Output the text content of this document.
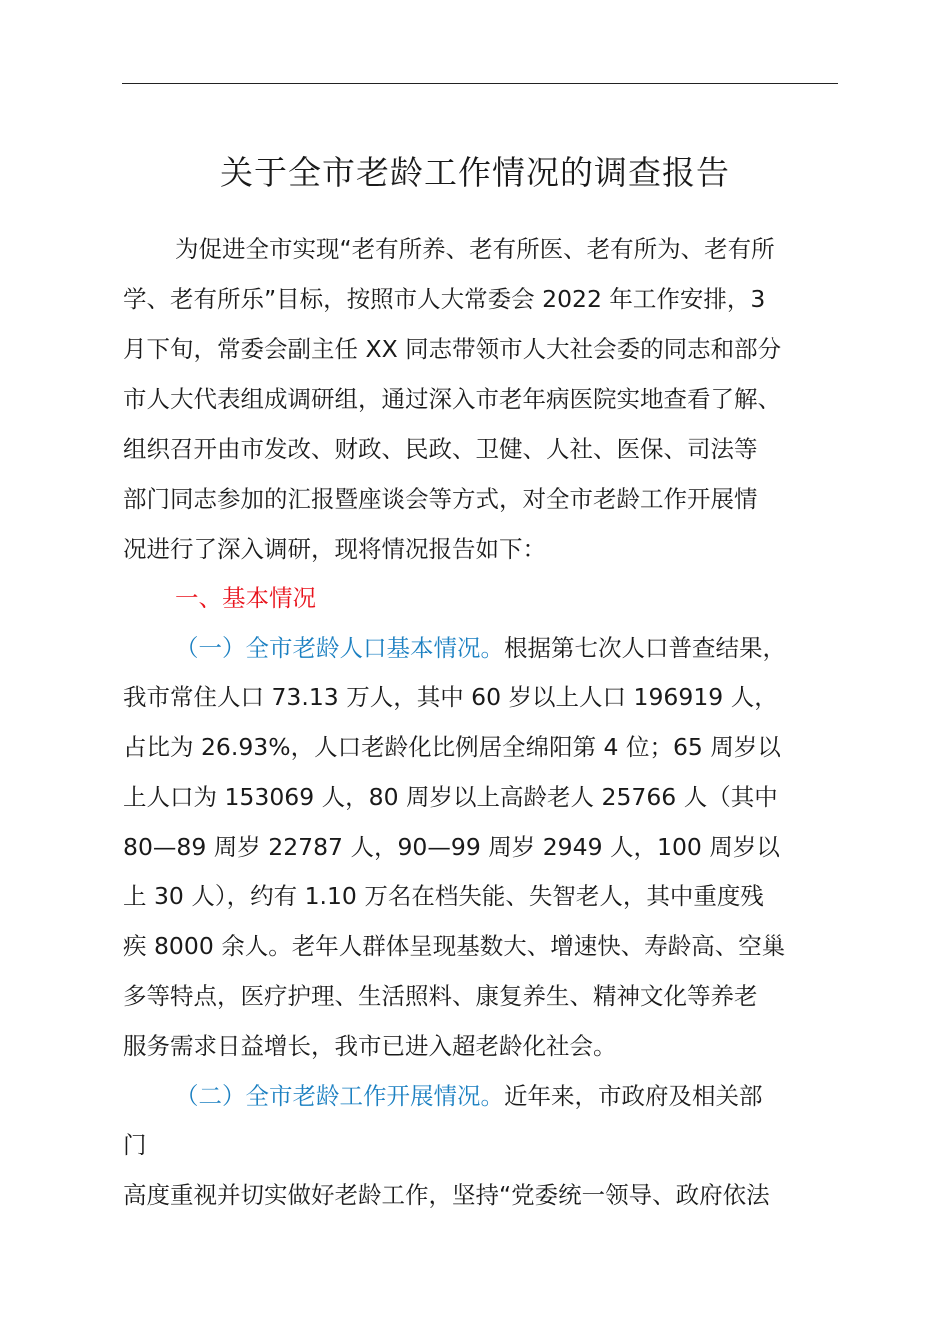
关于全市老龄工作情况的调查报告
为促进全市实现“老有所养、老有所医、老有所为、老有所
学、老有所乐”目标，按照市人大常委会 2022 年工作安排，3
月下旬，常委会副主任 XX 同志带领市人大社会委的同志和部分
市人大代表组成调研组，通过深入市老年病医院实地查看了解、
组织召开由市发改、财政、民政、卫健、人社、医保、司法等
部门同志参加的汇报暨座谈会等方式，对全市老龄工作开展情
况进行了深入调研，现将情况报告如下：
一、基本情况
（一）全市老龄人口基本情况。根据第七次人口普查结果，
我市常住人口 73.13 万人，其中 60 岁以上人口 196919 人，
占比为 26.93%，人口老龄化比例居全绵阳第 4 位；65 周岁以
上人口为 153069 人，80 周岁以上高龄老人 25766 人（其中
80—89 周岁 22787 人，90—99 周岁 2949 人，100 周岁以
上 30 人），约有 1.10 万名在档失能、失智老人，其中重度残
疾 8000 余人。老年人群体呈现基数大、增速快、寿龄高、空巢
多等特点，医疗护理、生活照料、康复养生、精神文化等养老
服务需求日益增长，我市已进入超老龄化社会。
（二）全市老龄工作开展情况。近年来，市政府及相关部
门
高度重视并切实做好老龄工作，坚持“党委统一领导、政府依法
